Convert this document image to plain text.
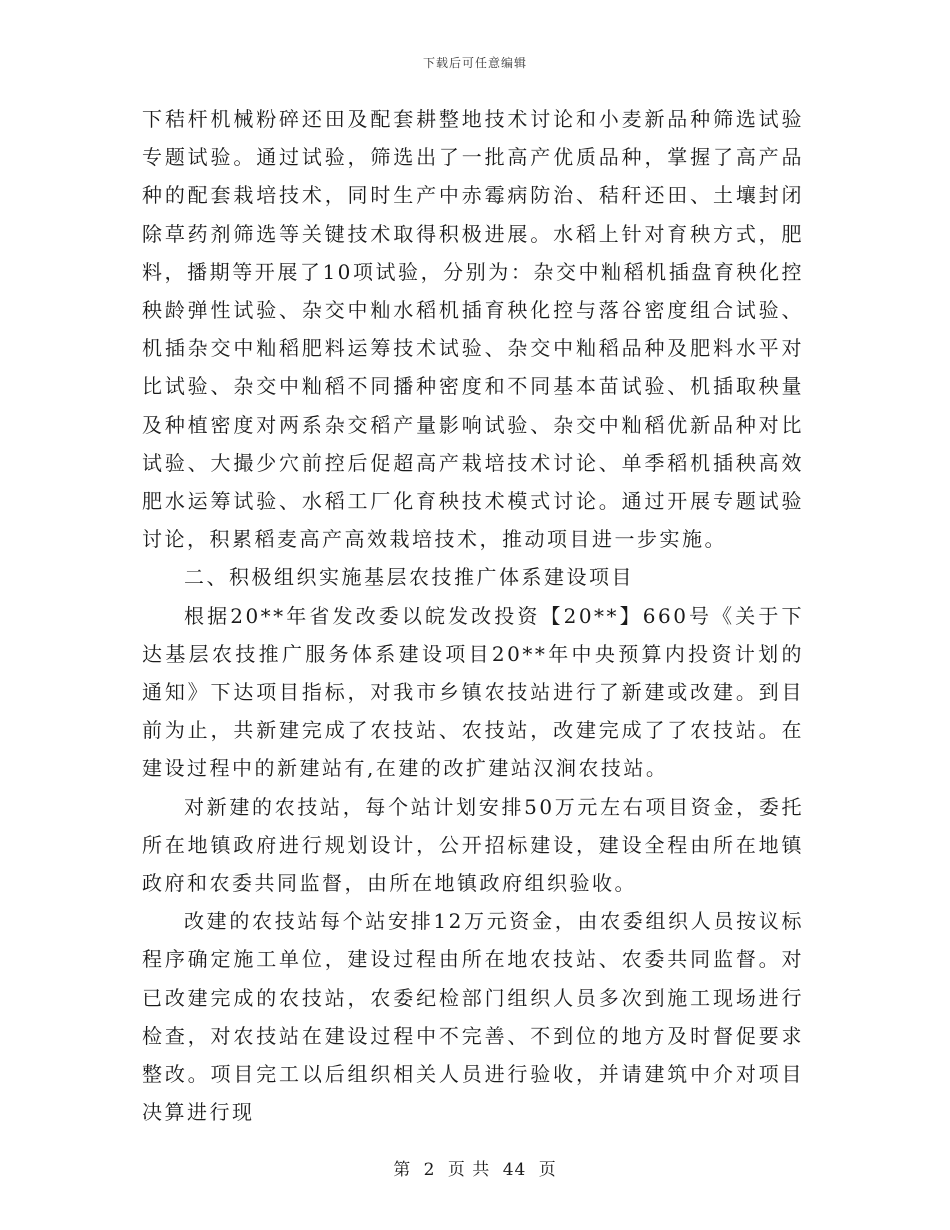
下载后可任意编辑

下秸杆机械粉碎还田及配套耕整地技术讨论和小麦新品种筛选试验专题试验。通过试验，筛选出了一批高产优质品种，掌握了高产品种的配套栽培技术，同时生产中赤霉病防治、秸秆还田、土壤封闭除草药剂筛选等关键技术取得积极进展。水稻上针对育秧方式，肥料，播期等开展了10项试验，分别为：杂交中籼稻机插盘育秧化控秧龄弹性试验、杂交中籼水稻机插育秧化控与落谷密度组合试验、机插杂交中籼稻肥料运筹技术试验、杂交中籼稻品种及肥料水平对比试验、杂交中籼稻不同播种密度和不同基本苗试验、机插取秧量及种植密度对两系杂交稻产量影响试验、杂交中籼稻优新品种对比试验、大撮少穴前控后促超高产栽培技术讨论、单季稻机插秧高效肥水运筹试验、水稻工厂化育秧技术模式讨论。通过开展专题试验讨论，积累稻麦高产高效栽培技术，推动项目进一步实施。

二、积极组织实施基层农技推广体系建设项目

根据20**年省发改委以皖发改投资【20**】660号《关于下达基层农技推广服务体系建设项目20**年中央预算内投资计划的通知》下达项目指标，对我市乡镇农技站进行了新建或改建。到目前为止，共新建完成了农技站、农技站，改建完成了了农技站。在建设过程中的新建站有,在建的改扩建站汉涧农技站。

对新建的农技站，每个站计划安排50万元左右项目资金，委托所在地镇政府进行规划设计，公开招标建设，建设全程由所在地镇政府和农委共同监督，由所在地镇政府组织验收。

改建的农技站每个站安排12万元资金，由农委组织人员按议标程序确定施工单位，建设过程由所在地农技站、农委共同监督。对已改建完成的农技站，农委纪检部门组织人员多次到施工现场进行检查，对农技站在建设过程中不完善、不到位的地方及时督促要求整改。项目完工以后组织相关人员进行验收，并请建筑中介对项目决算进行现

第 2 页 共 44 页
